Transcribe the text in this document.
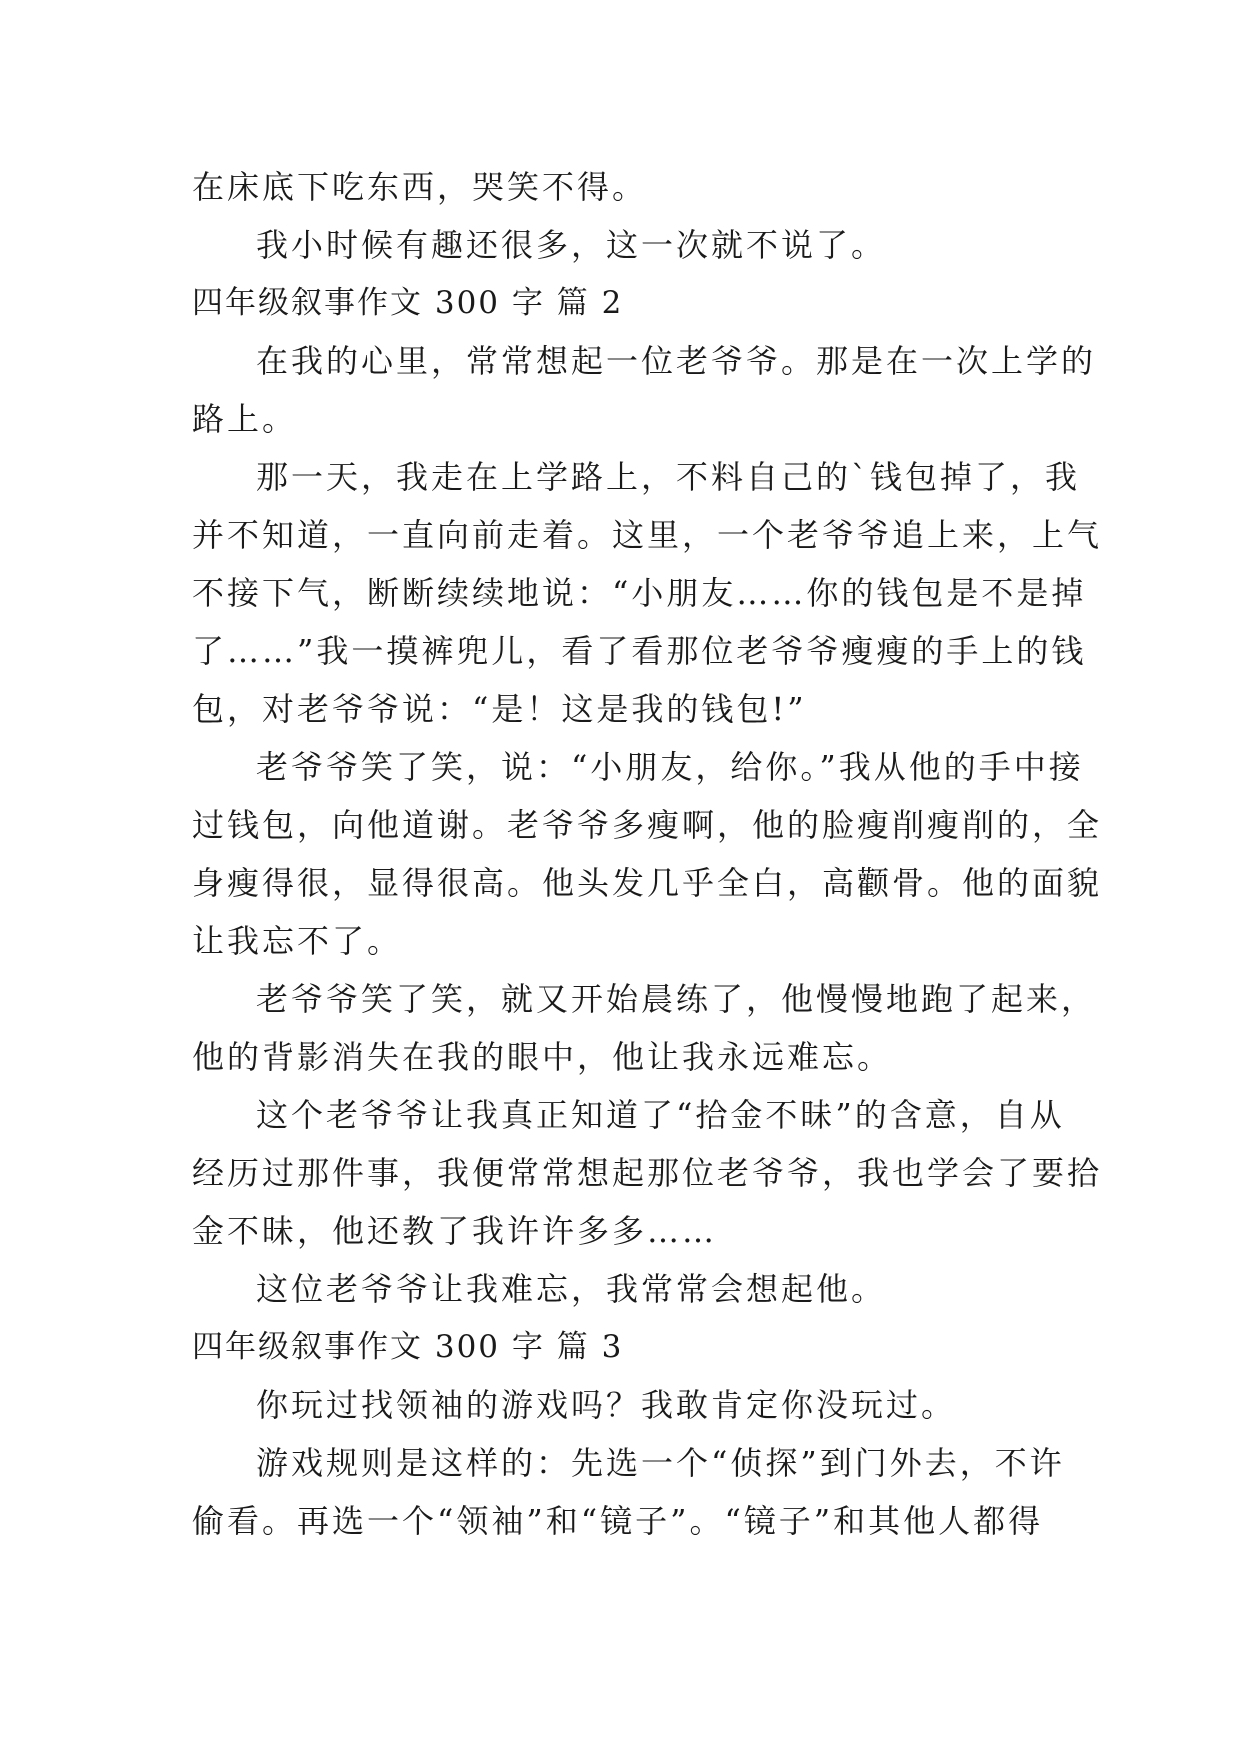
在床底下吃东西，哭笑不得。

我小时候有趣还很多，这一次就不说了。

四年级叙事作文 300 字 篇 2

在我的心里，常常想起一位老爷爷。那是在一次上学的

路上。

那一天，我走在上学路上，不料自己的`钱包掉了，我

并不知道，一直向前走着。这里，一个老爷爷追上来，上气

不接下气，断断续续地说：“小朋友……你的钱包是不是掉

了……”我一摸裤兜儿，看了看那位老爷爷瘦瘦的手上的钱

包，对老爷爷说：“是！这是我的钱包!”

老爷爷笑了笑，说：“小朋友，给你。”我从他的手中接

过钱包，向他道谢。老爷爷多瘦啊，他的脸瘦削瘦削的，全

身瘦得很，显得很高。他头发几乎全白，高颧骨。他的面貌

让我忘不了。

老爷爷笑了笑，就又开始晨练了，他慢慢地跑了起来，

他的背影消失在我的眼中，他让我永远难忘。

这个老爷爷让我真正知道了“拾金不昧”的含意，自从

经历过那件事，我便常常想起那位老爷爷，我也学会了要拾

金不昧，他还教了我许许多多……

这位老爷爷让我难忘，我常常会想起他。

四年级叙事作文 300 字 篇 3

你玩过找领袖的游戏吗？我敢肯定你没玩过。

游戏规则是这样的：先选一个“侦探”到门外去，不许

偷看。再选一个“领袖”和“镜子”。“镜子”和其他人都得
